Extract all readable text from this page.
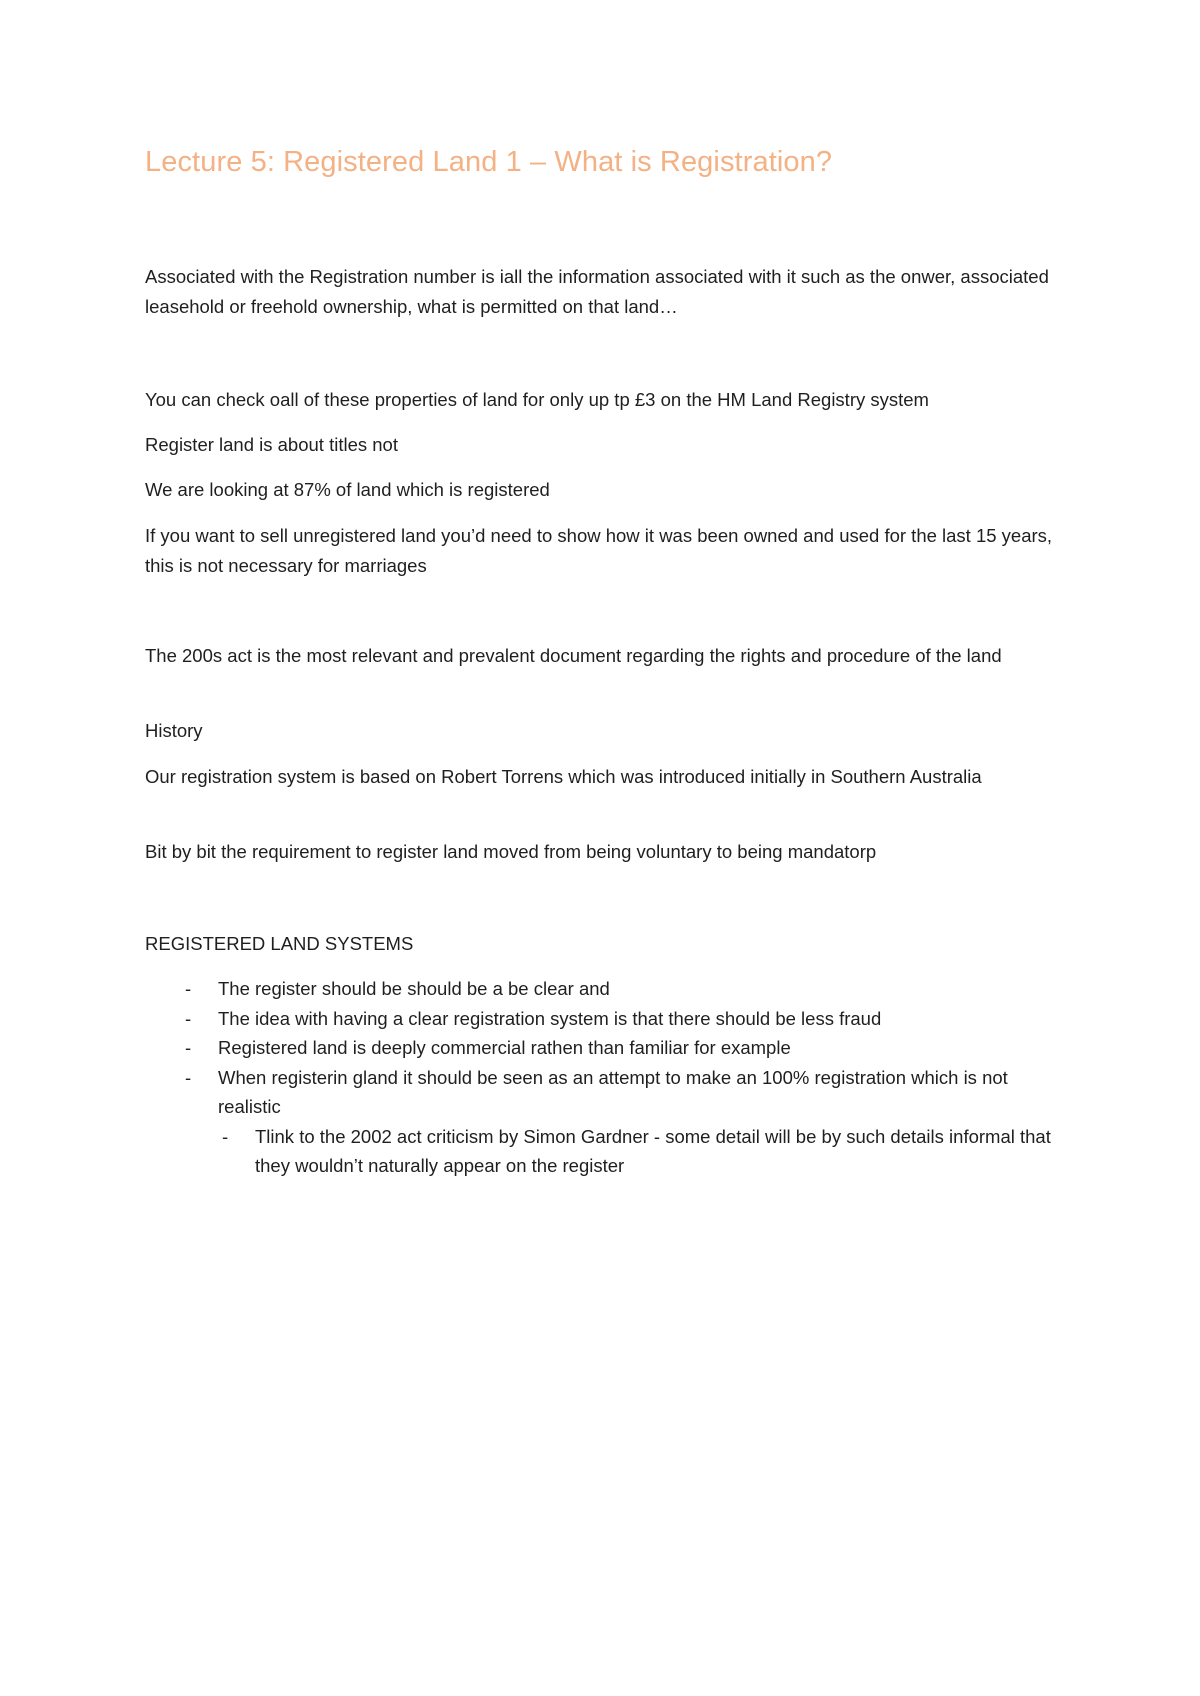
Lecture 5: Registered Land 1 – What is Registration?

Associated with the Registration number is iall the information associated with it such as the onwer, associated leasehold or freehold ownership, what is permitted on that land…

You can check oall of these properties of land for only up tp £3 on the HM Land Registry system

Register land is about titles not

We are looking at 87% of land which is registered

If you want to sell unregistered land you’d need to show how it was been owned and used for the last 15 years, this is not necessary for marriages

The 200s act is the most relevant and prevalent document regarding the rights and procedure of the land

History

Our registration system is based on Robert Torrens which was introduced initially in Southern Australia

Bit by bit the requirement to register land moved from being voluntary to being mandatorp

REGISTERED LAND SYSTEMS

- The register should be should be a be clear and
- The idea with having a clear registration system is that there should be less fraud
- Registered land is deeply commercial rathen than familiar for example
- When registerin gland it should be seen as an attempt to make an 100% registration which is not realistic
- Tlink to the 2002 act criticism by Simon Gardner - some detail will be by such details informal that they wouldn’t naturally appear on the register
